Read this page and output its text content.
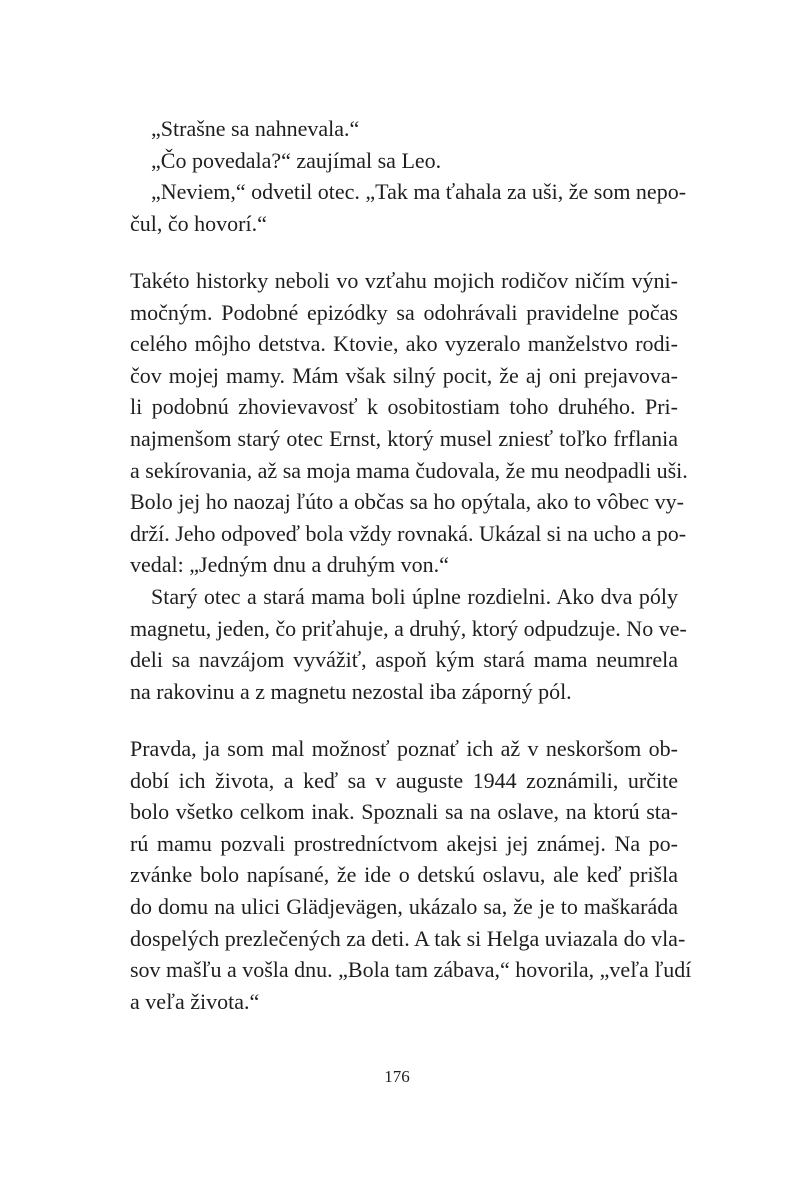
„Strašne sa nahnevala.“
„Čo povedala?“ zaujímal sa Leo.
„Neviem,“ odvetil otec. „Tak ma ťahala za uši, že som nepo-
čul, čo hovorí.“
Takéto historky neboli vo vzťahu mojich rodičov ničím výni-
močným. Podobné epizódky sa odohrávali pravidelne počas
celého môjho detstva. Ktovie, ako vyzeralo manželstvo rodi-
čov mojej mamy. Mám však silný pocit, že aj oni prejavova-
li podobnú zhovievavosť k osobitostiam toho druhého. Pri-
najmenšom starý otec Ernst, ktorý musel zniesť toľko frflania
a sekírovania, až sa moja mama čudovala, že mu neodpadli uši.
Bolo jej ho naozaj ľúto a občas sa ho opýtala, ako to vôbec vy-
drží. Jeho odpoveď bola vždy rovnaká. Ukázal si na ucho a po-
vedal: „Jedným dnu a druhým von.“
Starý otec a stará mama boli úplne rozdielni. Ako dva póly
magnetu, jeden, čo priťahuje, a druhý, ktorý odpudzuje. No ve-
deli sa navzájom vyvážiť, aspoň kým stará mama neumrela
na rakovinu a z magnetu nezostal iba záporný pól.
Pravda, ja som mal možnosť poznať ich až v neskoršom ob-
dobí ich života, a keď sa v auguste 1944 zoznámili, určite
bolo všetko celkom inak. Spoznali sa na oslave, na ktorú sta-
rú mamu pozvali prostredníctvom akejsi jej známej. Na po-
zvánke bolo napísané, že ide o detskú oslavu, ale keď prišla
do domu na ulici Glädjevägen, ukázalo sa, že je to maškaráda
dospelých prezlečených za deti. A tak si Helga uviazala do vla-
sov mašľu a vošla dnu. „Bola tam zábava,“ hovorila, „veľa ľudí
a veľa života.“
176
